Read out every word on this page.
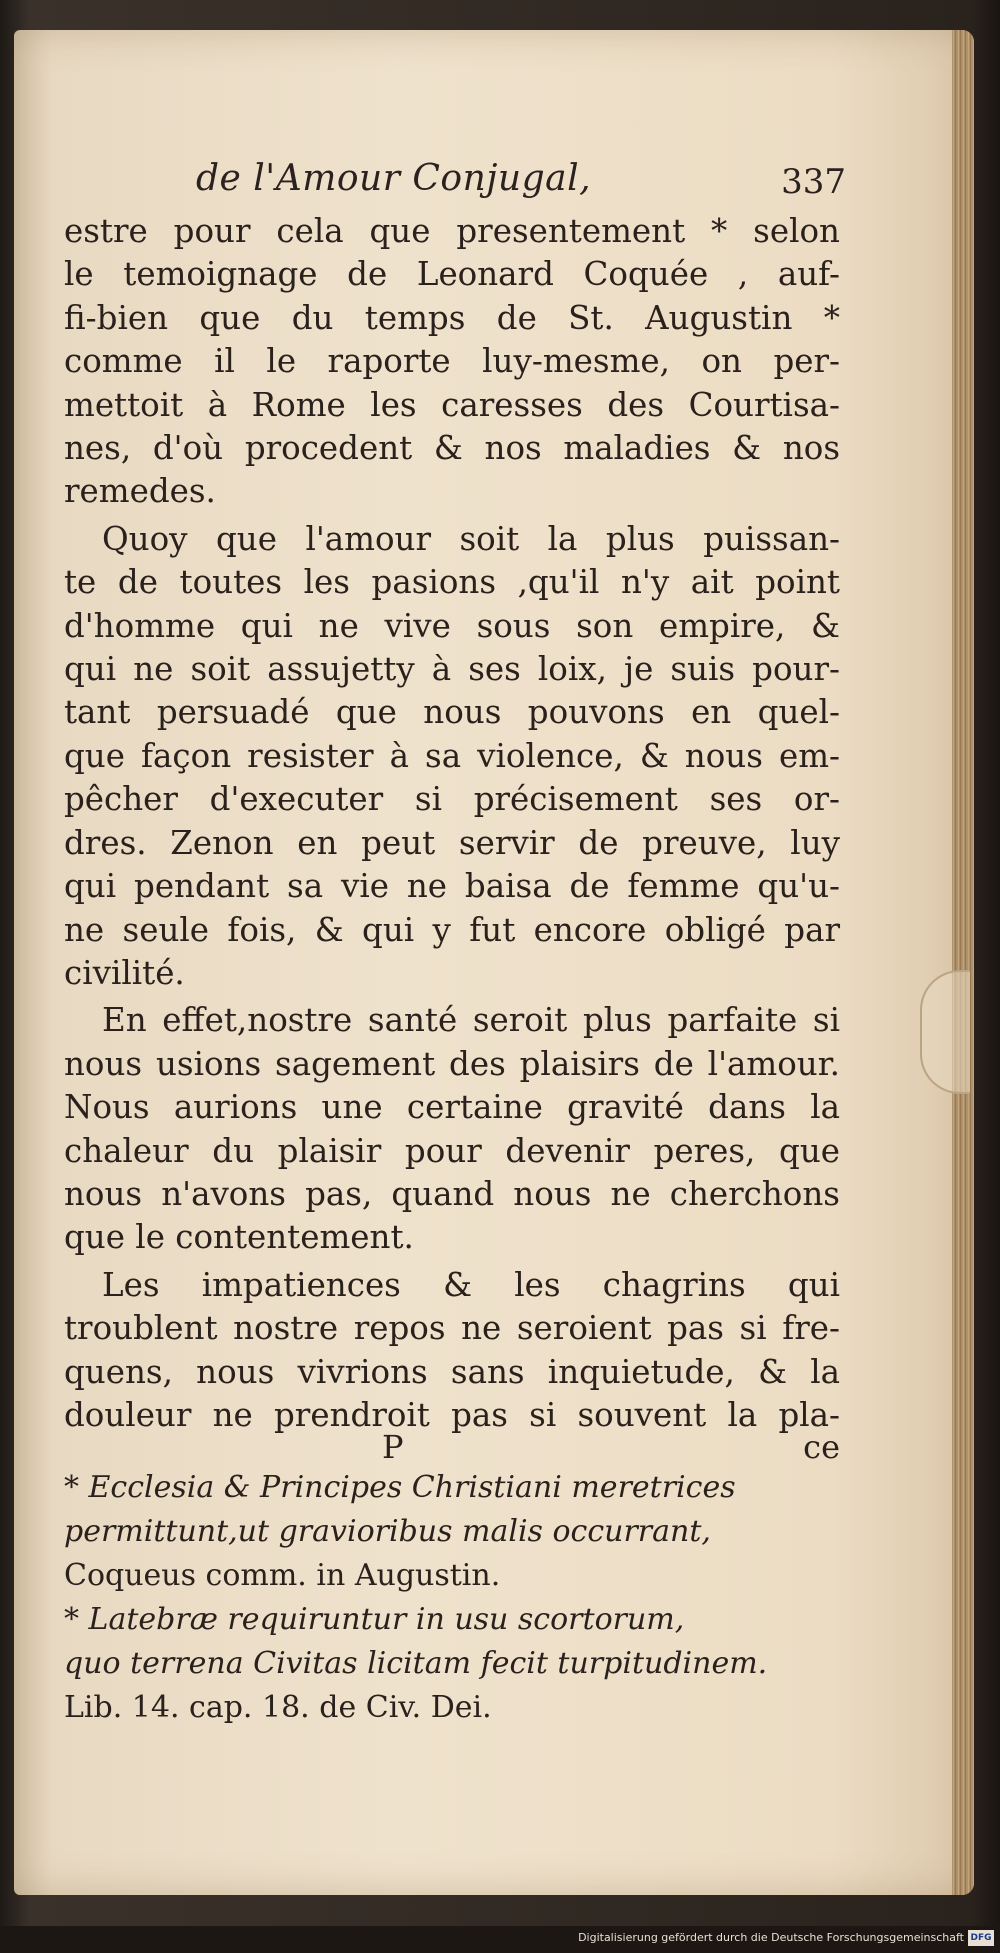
de l'Amour Conjugal,	337
estre pour cela que presentement * selon
le temoignage de Leonard Coquée , auf-
fi-bien que du temps de St. Augustin *
comme il le raporte luy-mesme, on per-
mettoit à Rome les caresses des Courtisa-
nes, d'où procedent & nos maladies & nos
remedes.
Quoy que l'amour soit la plus puissan-
te de toutes les pasions ,qu'il n'y ait point
d'homme qui ne vive sous son empire, &
qui ne soit assujetty à ses loix, je suis pour-
tant persuadé que nous pouvons en quel-
que façon resister à sa violence, & nous em-
pêcher d'executer si précisement ses or-
dres. Zenon en peut servir de preuve, luy
qui pendant sa vie ne baisa de femme qu'u-
ne seule fois, & qui y fut encore obligé par
civilité.
En effet,nostre santé seroit plus parfaite si
nous usions sagement des plaisirs de l'amour.
Nous aurions une certaine gravité dans la
chaleur du plaisir pour devenir peres, que
nous n'avons pas, quand nous ne cherchons
que le contentement.
Les impatiences & les chagrins qui
troublent nostre repos ne seroient pas si fre-
quens, nous vivrions sans inquietude, & la
douleur ne prendroit pas si souvent la pla-
P	ce
* Ecclesia & Principes Christiani meretrices
permittunt,ut gravioribus malis occurrant,
Coqueus comm. in Augustin.
* Latebræ requiruntur in usu scortorum,
quo terrena Civitas licitam fecit turpitudinem.
Lib. 14. cap. 18. de Civ. Dei.
Digitalisierung gefördert durch die Deutsche Forschungsgemeinschaft DFG
